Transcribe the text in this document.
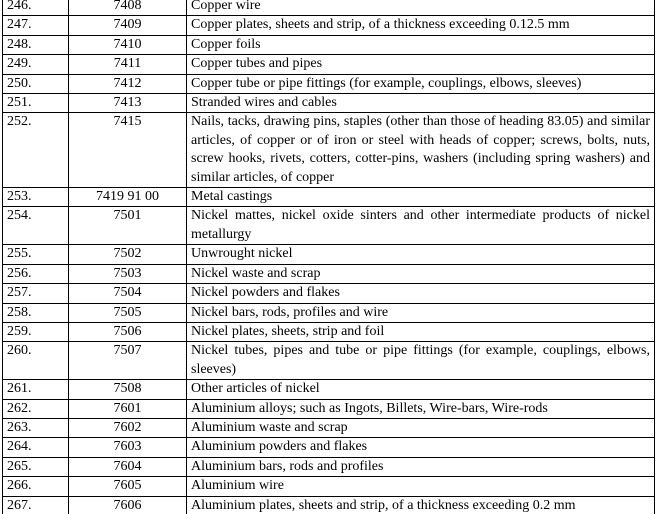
246.	7408	Copper wire
247.	7409	Copper plates, sheets and strip, of a thickness exceeding 0.12.5 mm
248.	7410	Copper foils
249.	7411	Copper tubes and pipes
250.	7412	Copper tube or pipe fittings (for example, couplings, elbows, sleeves)
251.	7413	Stranded wires and cables
252.	7415	Nails, tacks, drawing pins, staples (other than those of heading 83.05) and similar articles, of copper or of iron or steel with heads of copper; screws, bolts, nuts, screw hooks, rivets, cotters, cotter-pins, washers (including spring washers) and similar articles, of copper
253.	7419 91 00	Metal castings
254.	7501	Nickel mattes, nickel oxide sinters and other intermediate products of nickel metallurgy
255.	7502	Unwrought nickel
256.	7503	Nickel waste and scrap
257.	7504	Nickel powders and flakes
258.	7505	Nickel bars, rods, profiles and wire
259.	7506	Nickel plates, sheets, strip and foil
260.	7507	Nickel tubes, pipes and tube or pipe fittings (for example, couplings, elbows, sleeves)
261.	7508	Other articles of nickel
262.	7601	Aluminium alloys; such as Ingots, Billets, Wire-bars, Wire-rods
263.	7602	Aluminium waste and scrap
264.	7603	Aluminium powders and flakes
265.	7604	Aluminium bars, rods and profiles
266.	7605	Aluminium wire
267.	7606	Aluminium plates, sheets and strip, of a thickness exceeding 0.2 mm
